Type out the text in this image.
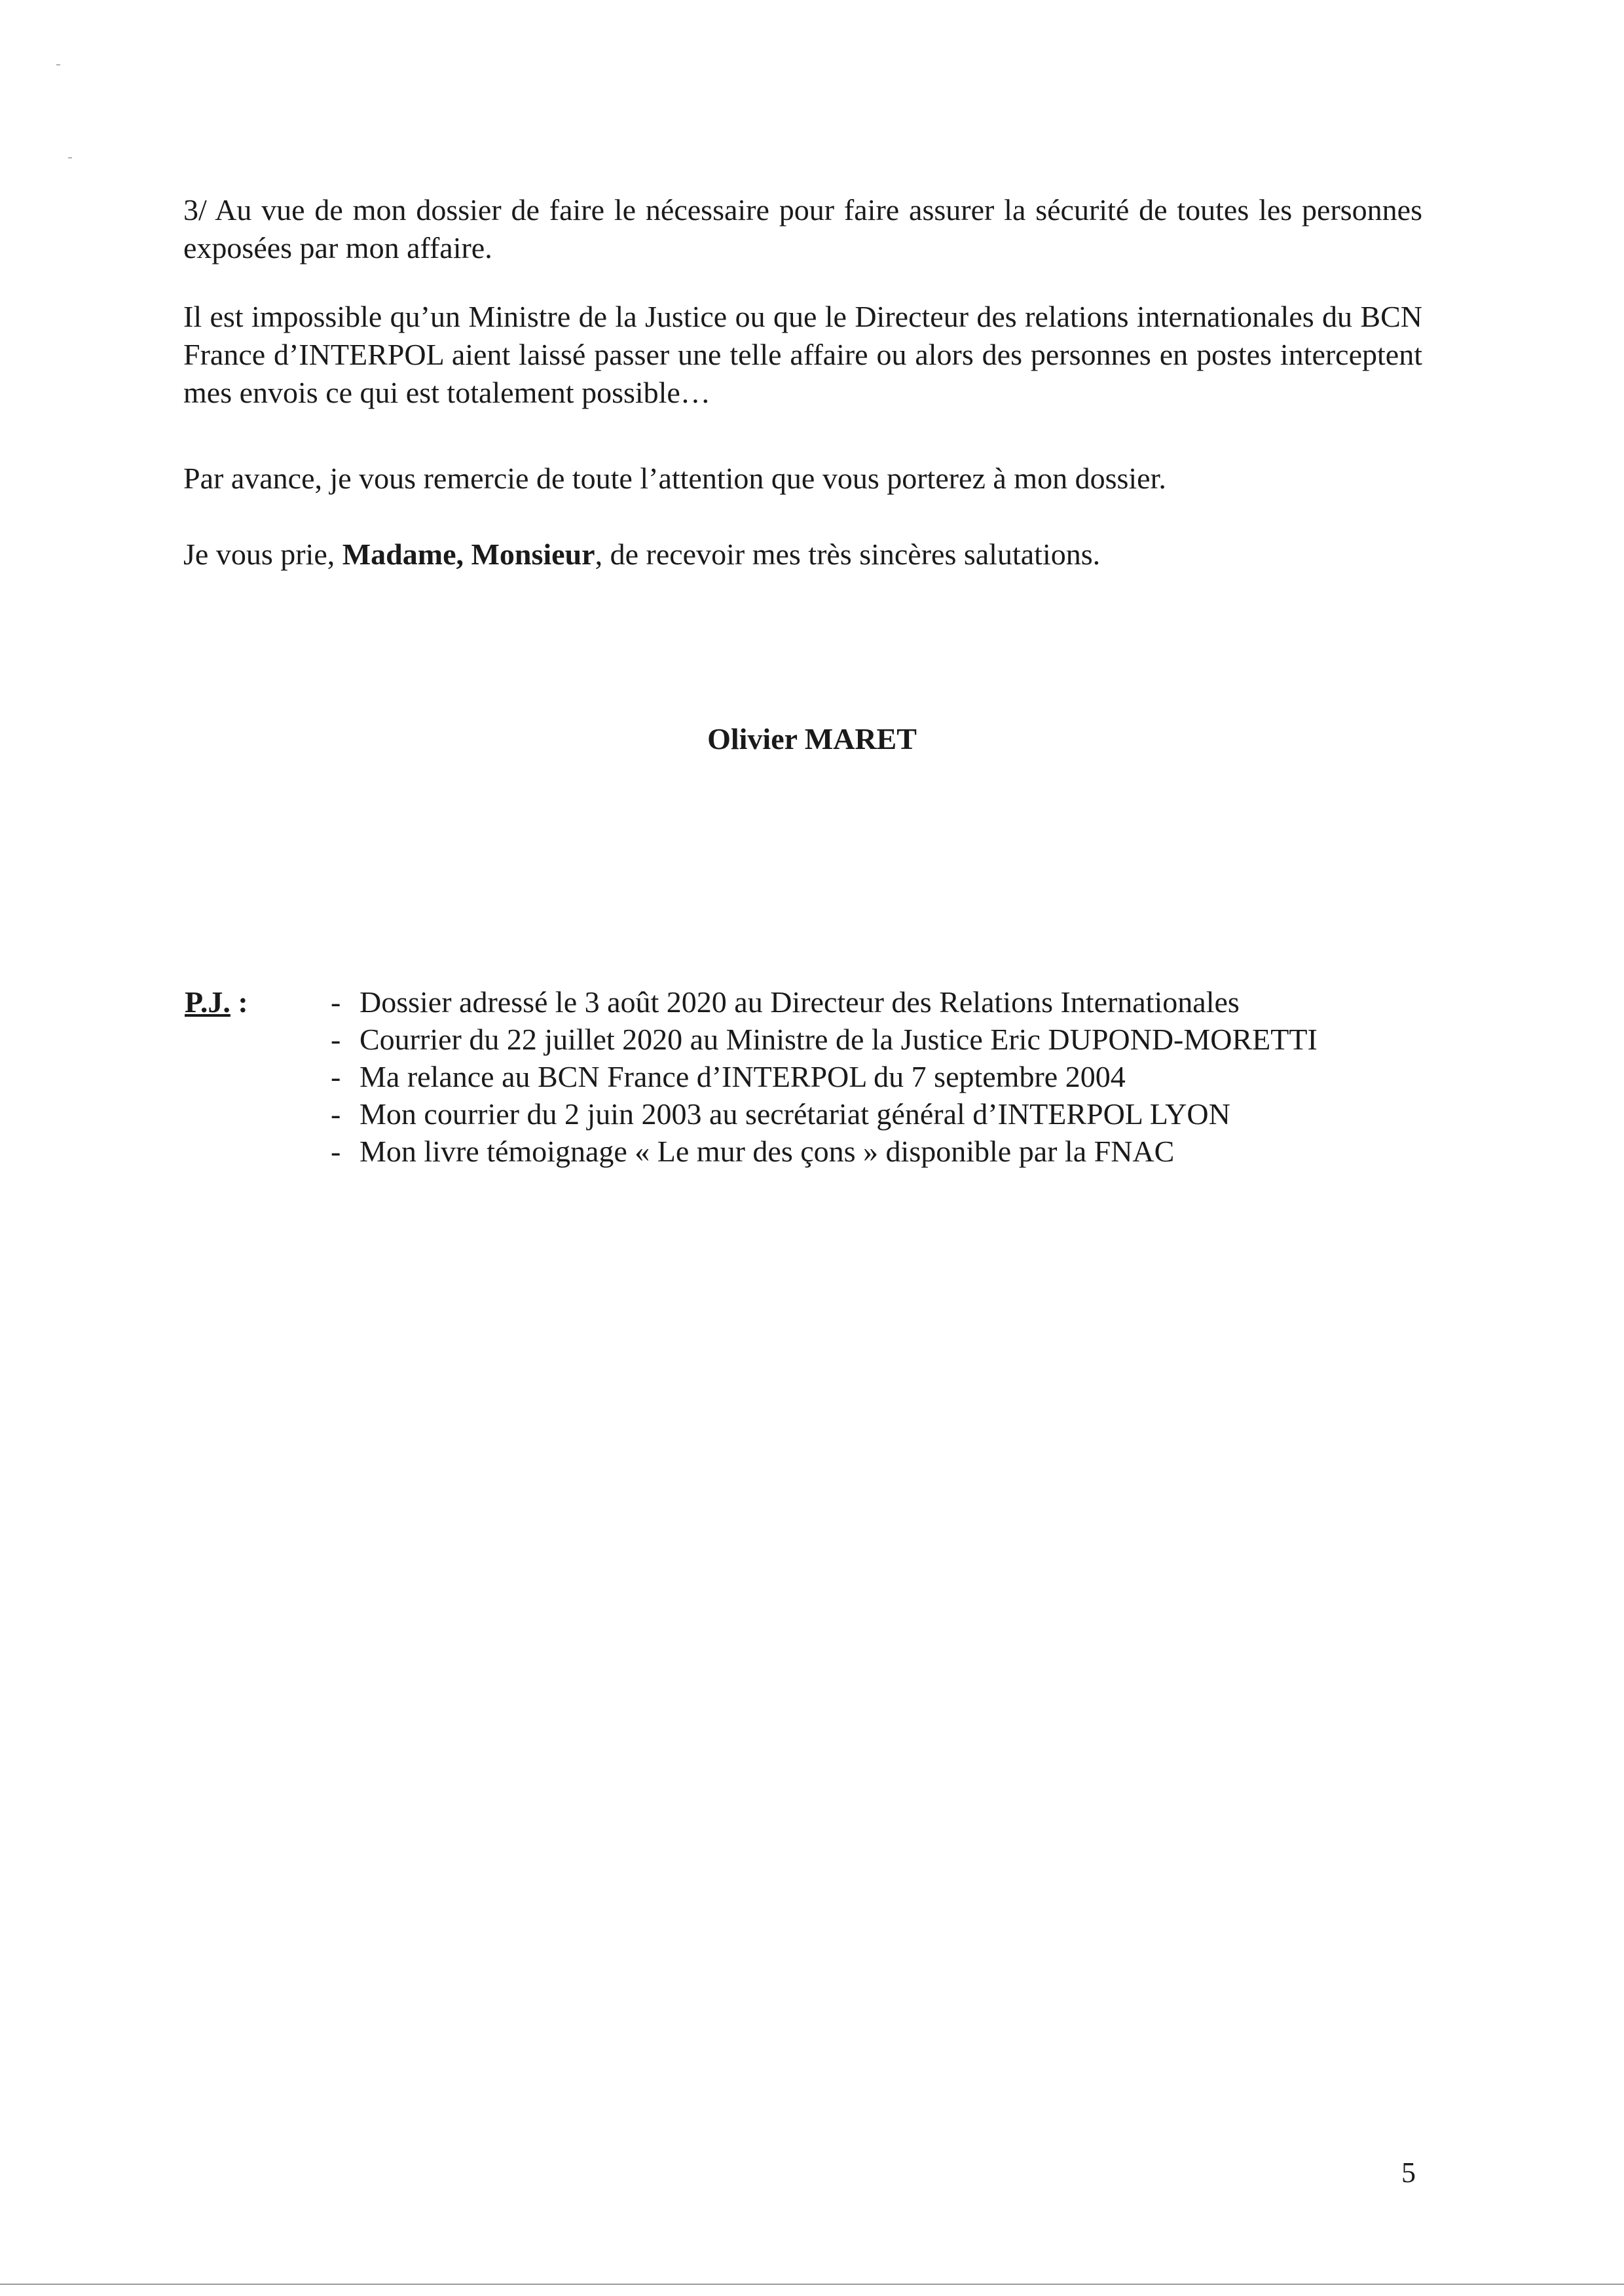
3/ Au vue de mon dossier de faire le nécessaire pour faire assurer la sécurité de toutes les personnes exposées par mon affaire.

Il est impossible qu’un Ministre de la Justice ou que le Directeur des relations internationales du BCN France d’INTERPOL aient laissé passer une telle affaire ou alors des personnes en postes interceptent mes envois ce qui est totalement possible…

Par avance, je vous remercie de toute l’attention que vous porterez à mon dossier.

Je vous prie, Madame, Monsieur, de recevoir mes très sincères salutations.

Olivier MARET
P.J. :	- Dossier adressé le 3 août 2020 au Directeur des Relations Internationales
- Courrier du 22 juillet 2020 au Ministre de la Justice Eric DUPOND-MORETTI
- Ma relance au BCN France d’INTERPOL du 7 septembre 2004
- Mon courrier du 2 juin 2003 au secrétariat général d’INTERPOL LYON
- Mon livre témoignage « Le mur des çons » disponible par la FNAC
5
